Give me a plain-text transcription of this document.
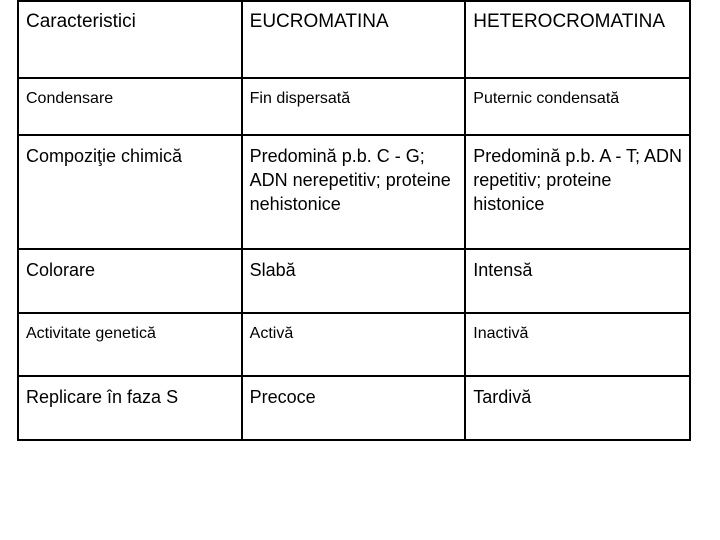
Caracteristici	EUCROMATINA	HETEROCROMATINA
Condensare	Fin dispersată	Puternic condensată
Compoziţie chimică	Predomină p.b. C - G; ADN nerepetitiv; proteine nehistonice	Predomină p.b. A - T; ADN repetitiv; proteine histonice
Colorare	Slabă	Intensă
Activitate genetică	Activă	Inactivă
Replicare în faza S	Precoce	Tardivă
